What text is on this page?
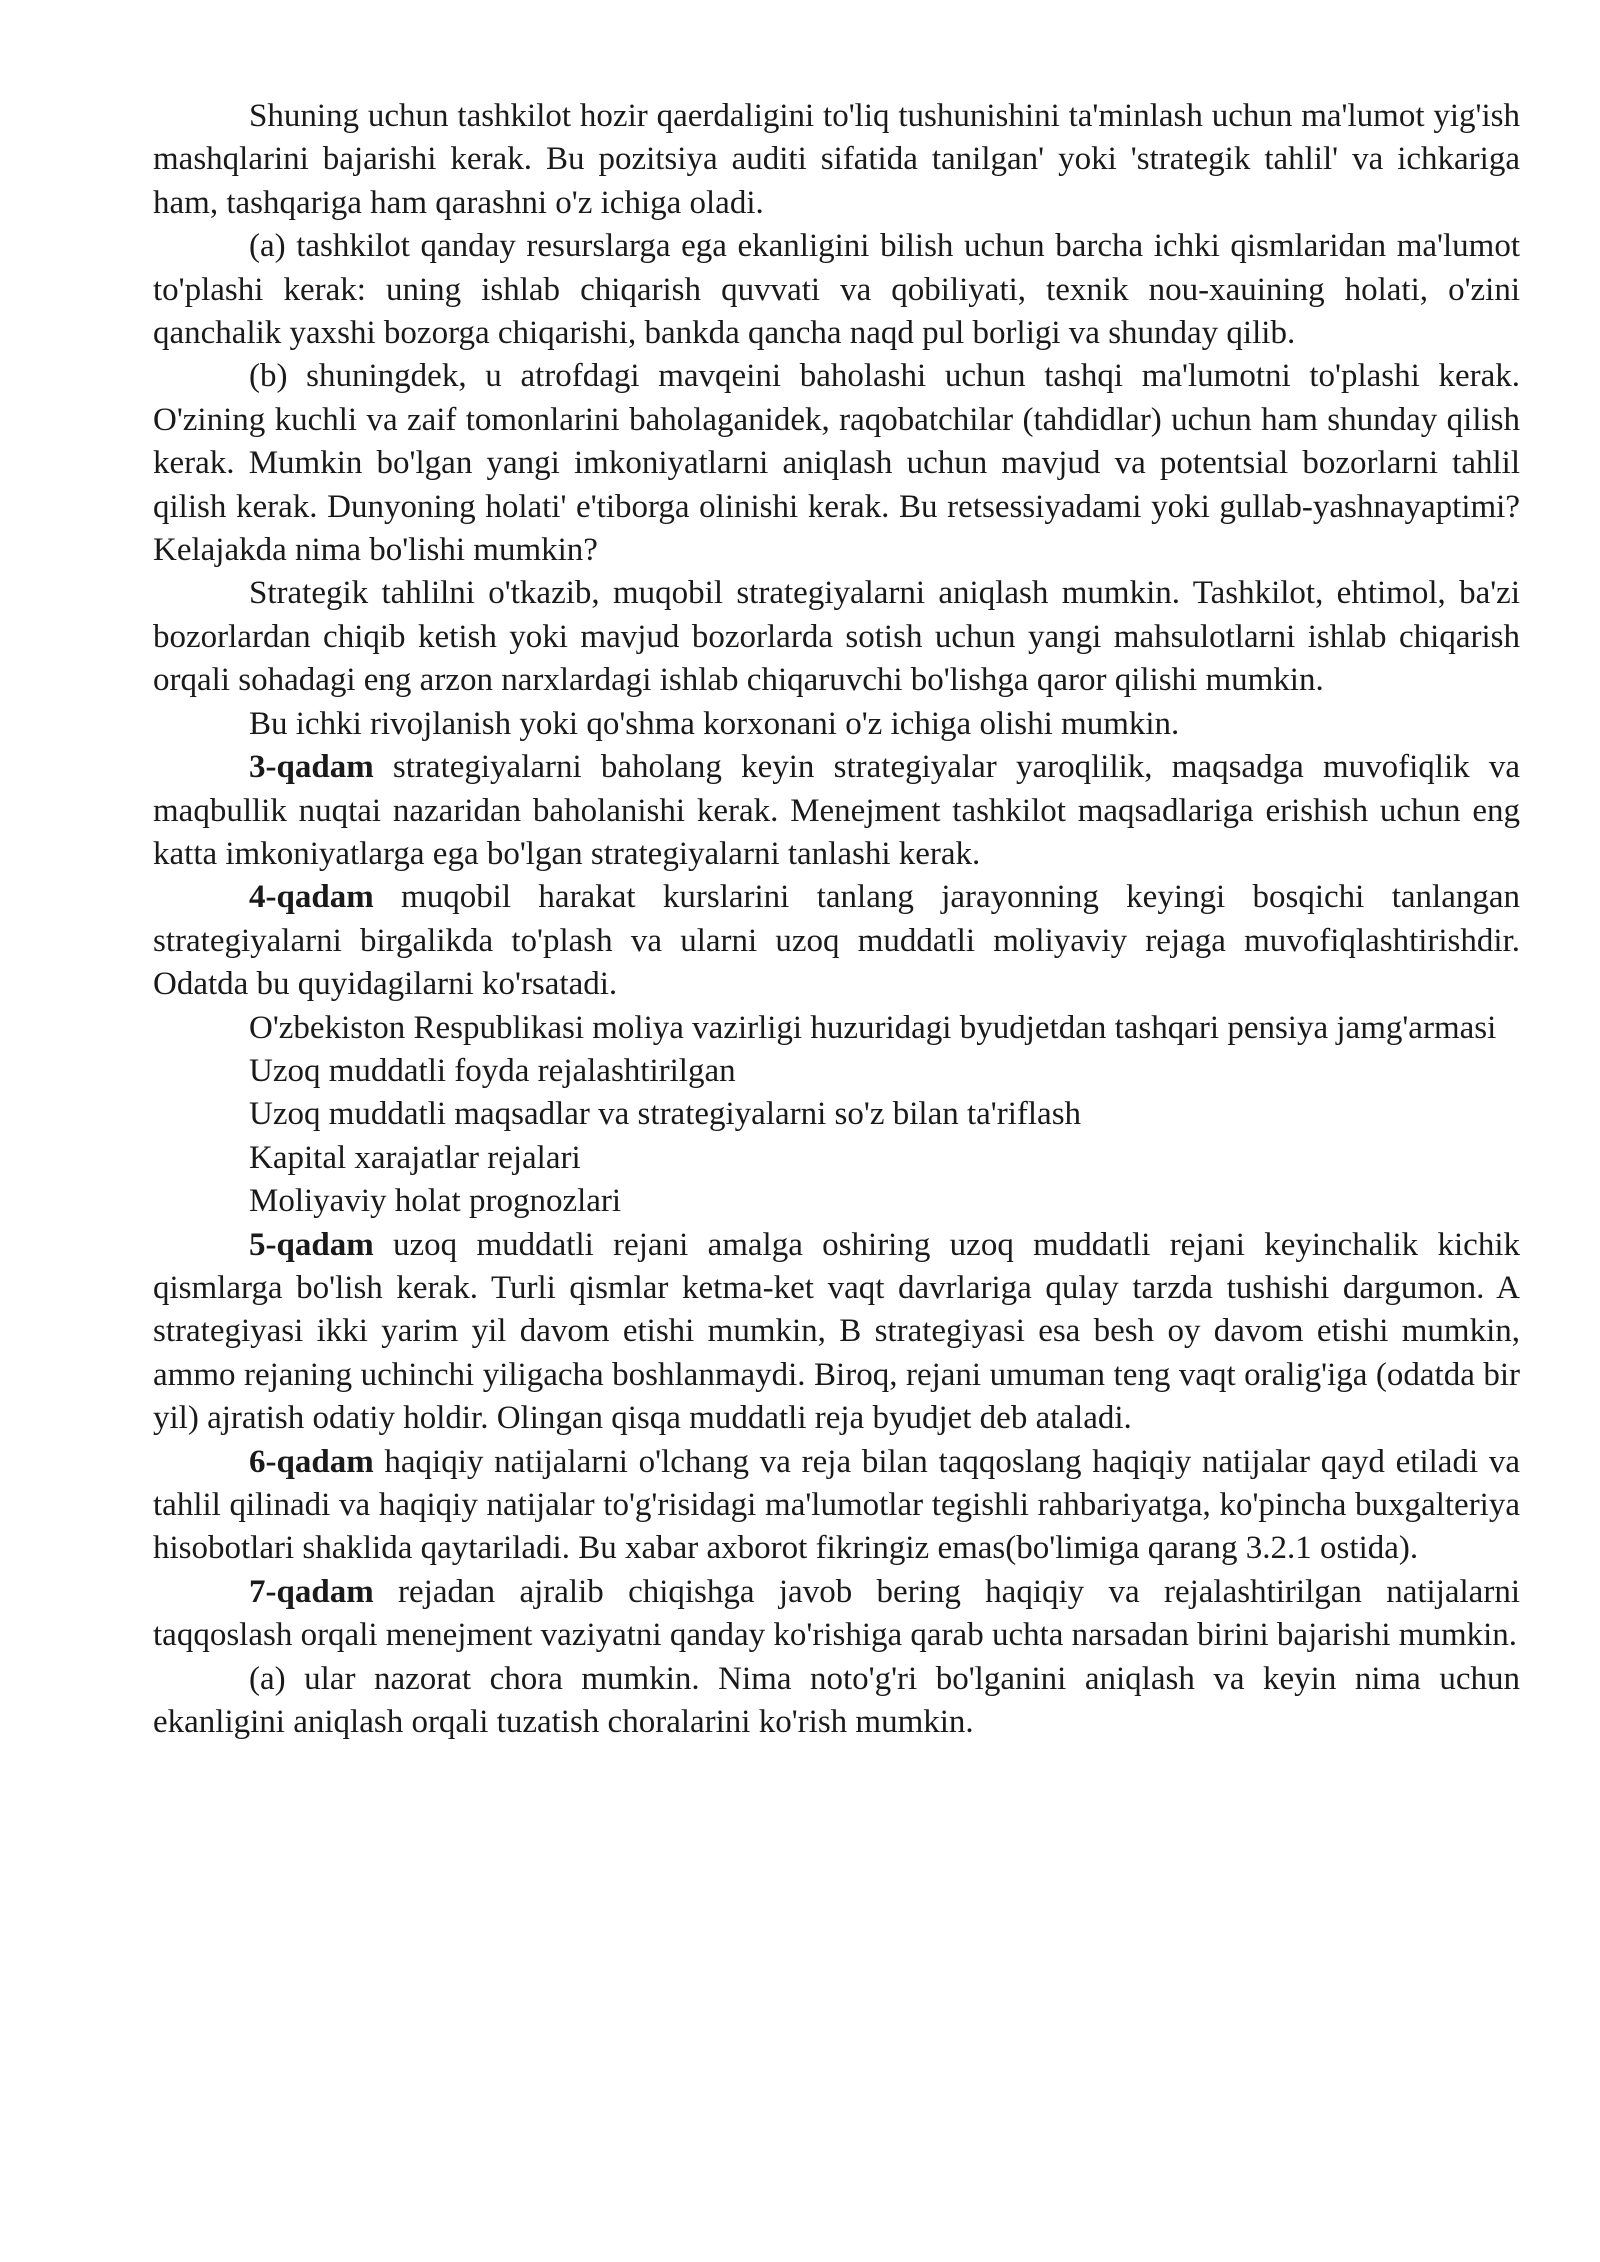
Shuning uchun tashkilot hozir qaerdaligini to'liq tushunishini ta'minlash uchun ma'lumot yig'ish mashqlarini bajarishi kerak. Bu pozitsiya auditi sifatida tanilgan' yoki 'strategik tahlil' va ichkariga ham, tashqariga ham qarashni o'z ichiga oladi.

(a) tashkilot qanday resurslarga ega ekanligini bilish uchun barcha ichki qismlaridan ma'lumot to'plashi kerak: uning ishlab chiqarish quvvati va qobiliyati, texnik nou-xauining holati, o'zini qanchalik yaxshi bozorga chiqarishi, bankda qancha naqd pul borligi va shunday qilib.

(b) shuningdek, u atrofdagi mavqeini baholashi uchun tashqi ma'lumotni to'plashi kerak. O'zining kuchli va zaif tomonlarini baholaganidek, raqobatchilar (tahdidlar) uchun ham shunday qilish kerak. Mumkin bo'lgan yangi imkoniyatlarni aniqlash uchun mavjud va potentsial bozorlarni tahlil qilish kerak. Dunyoning holati' e'tiborga olinishi kerak. Bu retsessiyadami yoki gullab-yashnayaptimi? Kelajakda nima bo'lishi mumkin?

Strategik tahlilni o'tkazib, muqobil strategiyalarni aniqlash mumkin. Tashkilot, ehtimol, ba'zi bozorlardan chiqib ketish yoki mavjud bozorlarda sotish uchun yangi mahsulotlarni ishlab chiqarish orqali sohadagi eng arzon narxlardagi ishlab chiqaruvchi bo'lishga qaror qilishi mumkin.

Bu ichki rivojlanish yoki qo'shma korxonani o'z ichiga olishi mumkin.

3-qadam strategiyalarni baholang keyin strategiyalar yaroqlilik, maqsadga muvofiqlik va maqbullik nuqtai nazaridan baholanishi kerak. Menejment tashkilot maqsadlariga erishish uchun eng katta imkoniyatlarga ega bo'lgan strategiyalarni tanlashi kerak.

4-qadam muqobil harakat kurslarini tanlang jarayonning keyingi bosqichi tanlangan strategiyalarni birgalikda to'plash va ularni uzoq muddatli moliyaviy rejaga muvofiqlashtirishdir. Odatda bu quyidagilarni ko'rsatadi.

O'zbekiston Respublikasi moliya vazirligi huzuridagi byudjetdan tashqari pensiya jamg'armasi

Uzoq muddatli foyda rejalashtirilgan

Uzoq muddatli maqsadlar va strategiyalarni so'z bilan ta'riflash

Kapital xarajatlar rejalari

Moliyaviy holat prognozlari

5-qadam uzoq muddatli rejani amalga oshiring uzoq muddatli rejani keyinchalik kichik qismlarga bo'lish kerak. Turli qismlar ketma-ket vaqt davrlariga qulay tarzda tushishi dargumon. A strategiyasi ikki yarim yil davom etishi mumkin, B strategiyasi esa besh oy davom etishi mumkin, ammo rejaning uchinchi yiligacha boshlanmaydi. Biroq, rejani umuman teng vaqt oralig'iga (odatda bir yil) ajratish odatiy holdir. Olingan qisqa muddatli reja byudjet deb ataladi.

6-qadam haqiqiy natijalarni o'lchang va reja bilan taqqoslang haqiqiy natijalar qayd etiladi va tahlil qilinadi va haqiqiy natijalar to'g'risidagi ma'lumotlar tegishli rahbariyatga, ko'pincha buxgalteriya hisobotlari shaklida qaytariladi. Bu xabar axborot fikringiz emas(bo'limiga qarang 3.2.1 ostida).

7-qadam rejadan ajralib chiqishga javob bering haqiqiy va rejalashtirilgan natijalarni taqqoslash orqali menejment vaziyatni qanday ko'rishiga qarab uchta narsadan birini bajarishi mumkin.

(a) ular nazorat chora mumkin. Nima noto'g'ri bo'lganini aniqlash va keyin nima uchun ekanligini aniqlash orqali tuzatish choralarini ko'rish mumkin.
